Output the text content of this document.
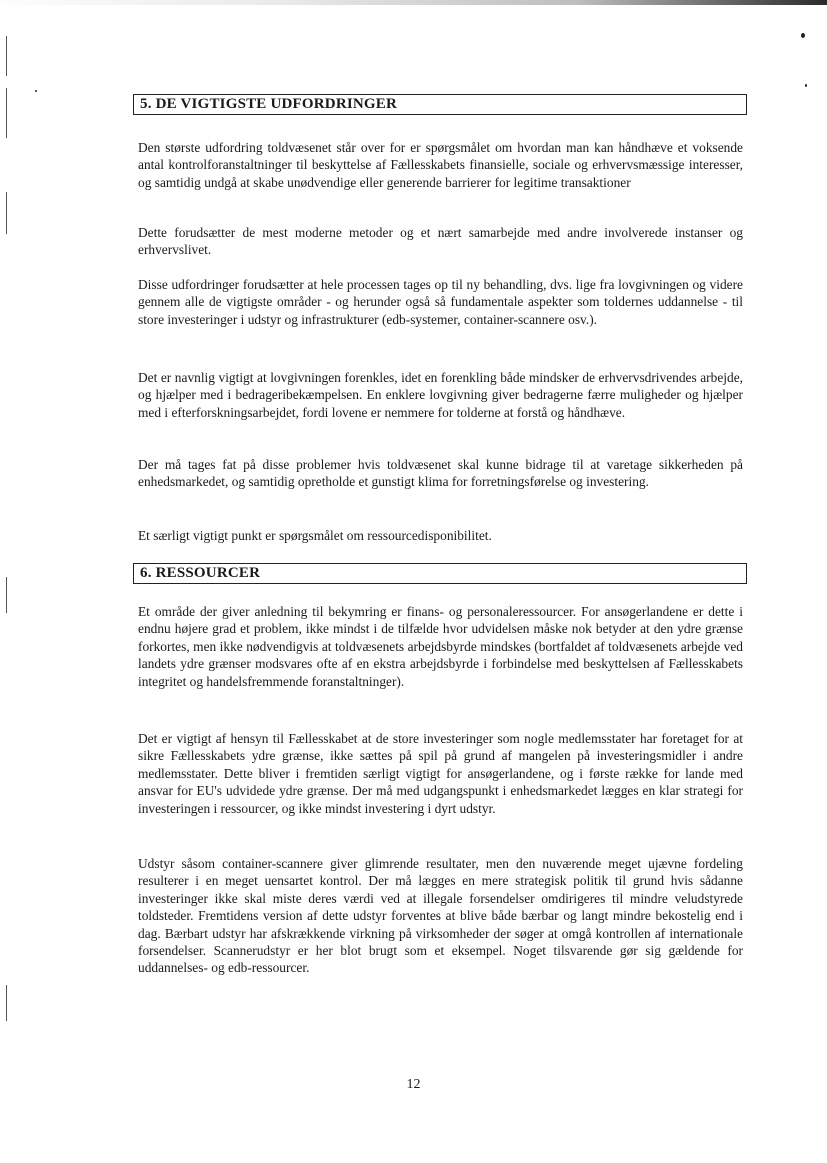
5. DE VIGTIGSTE UDFORDRINGER

Den største udfordring toldvæsenet står over for er spørgsmålet om hvordan man kan håndhæve et voksende antal kontrolforanstaltninger til beskyttelse af Fællesskabets finansielle, sociale og erhvervsmæssige interesser, og samtidig undgå at skabe unødvendige eller generende barrierer for legitime transaktioner

Dette forudsætter de mest moderne metoder og et nært samarbejde med andre involverede instanser og erhvervslivet.

Disse udfordringer forudsætter at hele processen tages op til ny behandling, dvs. lige fra lovgivningen og videre gennem alle de vigtigste områder - og herunder også så fundamentale aspekter som toldernes uddannelse - til store investeringer i udstyr og infrastrukturer (edb-systemer, container-scannere osv.).

Det er navnlig vigtigt at lovgivningen forenkles, idet en forenkling både mindsker de erhvervsdrivendes arbejde, og hjælper med i bedrageribekæmpelsen. En enklere lovgivning giver bedragerne færre muligheder og hjælper med i efterforskningsarbejdet, fordi lovene er nemmere for tolderne at forstå og håndhæve.

Der må tages fat på disse problemer hvis toldvæsenet skal kunne bidrage til at varetage sikkerheden på enhedsmarkedet, og samtidig opretholde et gunstigt klima for forretningsførelse og investering.

Et særligt vigtigt punkt er spørgsmålet om ressourcedisponibilitet.

6. RESSOURCER

Et område der giver anledning til bekymring er finans- og personaleressourcer. For ansøgerlandene er dette i endnu højere grad et problem, ikke mindst i de tilfælde hvor udvidelsen måske nok betyder at den ydre grænse forkortes, men ikke nødvendigvis at toldvæsenets arbejdsbyrde mindskes (bortfaldet af toldvæsenets arbejde ved landets ydre grænser modsvares ofte af en ekstra arbejdsbyrde i forbindelse med beskyttelsen af Fællesskabets integritet og handelsfremmende foranstaltninger).

Det er vigtigt af hensyn til Fællesskabet at de store investeringer som nogle medlemsstater har foretaget for at sikre Fællesskabets ydre grænse, ikke sættes på spil på grund af mangelen på investeringsmidler i andre medlemsstater. Dette bliver i fremtiden særligt vigtigt for ansøgerlandene, og i første række for lande med ansvar for EU's udvidede ydre grænse. Der må med udgangspunkt i enhedsmarkedet lægges en klar strategi for investeringen i ressourcer, og ikke mindst investering i dyrt udstyr.

Udstyr såsom container-scannere giver glimrende resultater, men den nuværende meget ujævne fordeling resulterer i en meget uensartet kontrol. Der må lægges en mere strategisk politik til grund hvis sådanne investeringer ikke skal miste deres værdi ved at illegale forsendelser omdirigeres til mindre veludstyrede toldsteder. Fremtidens version af dette udstyr forventes at blive både bærbar og langt mindre bekostelig end i dag. Bærbart udstyr har afskrækkende virkning på virksomheder der søger at omgå kontrollen af internationale forsendelser. Scannerudstyr er her blot brugt som et eksempel. Noget tilsvarende gør sig gældende for uddannelses- og edb-ressourcer.

12
